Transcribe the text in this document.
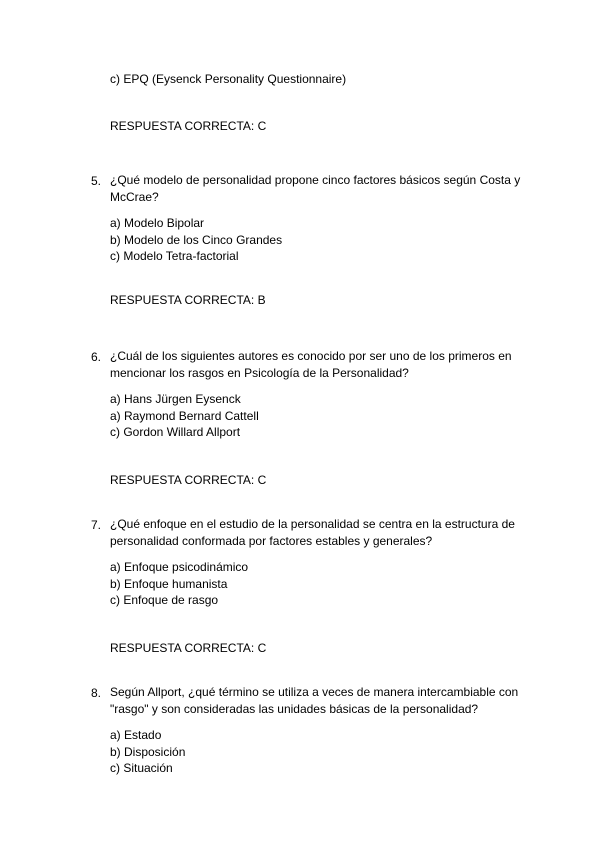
c) EPQ (Eysenck Personality Questionnaire)
RESPUESTA CORRECTA: C
5. ¿Qué modelo de personalidad propone cinco factores básicos según Costa y McCrae?
a) Modelo Bipolar
b) Modelo de los Cinco Grandes
c) Modelo Tetra-factorial
RESPUESTA CORRECTA: B
6. ¿Cuál de los siguientes autores es conocido por ser uno de los primeros en mencionar los rasgos en Psicología de la Personalidad?
a) Hans Jürgen Eysenck
a) Raymond Bernard Cattell
c) Gordon Willard Allport
RESPUESTA CORRECTA: C
7. ¿Qué enfoque en el estudio de la personalidad se centra en la estructura de personalidad conformada por factores estables y generales?
a) Enfoque psicodinámico
b) Enfoque humanista
c) Enfoque de rasgo
RESPUESTA CORRECTA: C
8. Según Allport, ¿qué término se utiliza a veces de manera intercambiable con "rasgo" y son consideradas las unidades básicas de la personalidad?
a) Estado
b) Disposición
c) Situación
